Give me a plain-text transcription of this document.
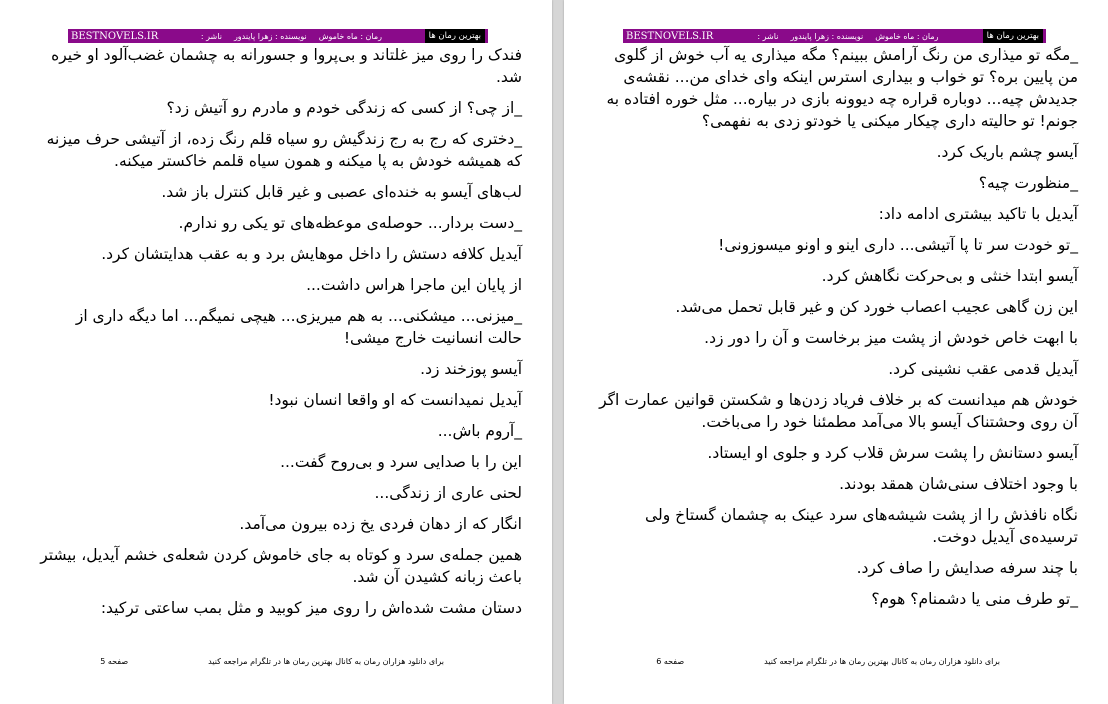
بهترین رمان ها
رمان : ماه خاموش
نویسنده : زهرا پایندور
ناشر :
BESTNOVELS.IR

فندک را روی میز غلتاند و بی‌پروا و جسورانه به چشمان غضب‌آلود او خیره شد.

_از چی؟ از کسی که زندگی خودم و مادرم رو آتیش زد؟

_دختری که رج به رج زندگیش رو سیاه قلم رنگ زده، از آتیشی حرف میزنه که همیشه خودش به پا میکنه و همون سیاه قلمم خاکستر میکنه.

لب‌های آیسو به خنده‌ای عصبی و غیر قابل کنترل باز شد.

_دست بردار... حوصله‌ی موعظه‌های تو یکی رو ندارم.

آیدیل کلافه دستش را داخل موهایش برد و به عقب هدایتشان کرد.

از پایان این ماجرا هراس داشت...

_میزنی... میشکنی... به هم میریزی... هیچی نمیگم... اما دیگه داری از حالت انسانیت خارج میشی!

آیسو پوزخند زد.

آیدیل نمیدانست که او واقعا انسان نبود!

_آروم باش...

این را با صدایی سرد و بی‌روح گفت...

لحنی عاری از زندگی...

انگار که از دهان فردی یخ زده بیرون می‌آمد.

همین جمله‌ی سرد و کوتاه به جای خاموش کردن شعله‌ی خشم آیدیل، بیشتر باعث زبانه کشیدن آن شد.

دستان مشت شده‌اش را روی میز کوبید و مثل بمب ساعتی ترکید:

برای دانلود هزاران رمان به کانال بهترین رمان ها در تلگرام مراجعه کنید
صفحه 5
بهترین رمان ها
رمان : ماه خاموش
نویسنده : زهرا پایندور
ناشر :
BESTNOVELS.IR

_مگه تو میذاری من رنگ آرامش ببینم؟ مگه میذاری یه آب خوش از گلوی من پایین بره؟ تو خواب و بیداری استرس اینکه وای خدای من... نقشه‌ی جدیدش چیه... دوباره قراره چه دیوونه بازی در بیاره... مثل خوره افتاده به جونم! تو حالیته داری چیکار میکنی یا خودتو زدی به نفهمی؟

آیسو چشم باریک کرد.

_منظورت چیه؟

آیدیل با تاکید بیشتری ادامه داد:

_تو خودت سر تا پا آتیشی... داری اینو و اونو میسوزونی!

آیسو ابتدا خنثی و بی‌حرکت نگاهش کرد.

این زن گاهی عجیب اعصاب خورد کن و غیر قابل تحمل می‌شد.

با ابهت خاص خودش از پشت میز برخاست و آن را دور زد.

آیدیل قدمی عقب نشینی کرد.

خودش هم میدانست که بر خلاف فریاد زدن‌ها و شکستن قوانین عمارت اگر آن روی وحشتناک آیسو بالا می‌آمد مطمئنا خود را می‌باخت.

آیسو دستانش را پشت سرش قلاب کرد و جلوی او ایستاد.

با وجود اختلاف سنی‌شان همقد بودند.

نگاه نافذش را از پشت شیشه‌های سرد عینک به چشمان گستاخ ولی ترسیده‌ی آیدیل دوخت.

با چند سرفه صدایش را صاف کرد.

_تو طرف منی یا دشمنام؟ هوم؟

برای دانلود هزاران رمان به کانال بهترین رمان ها در تلگرام مراجعه کنید
صفحه 6
